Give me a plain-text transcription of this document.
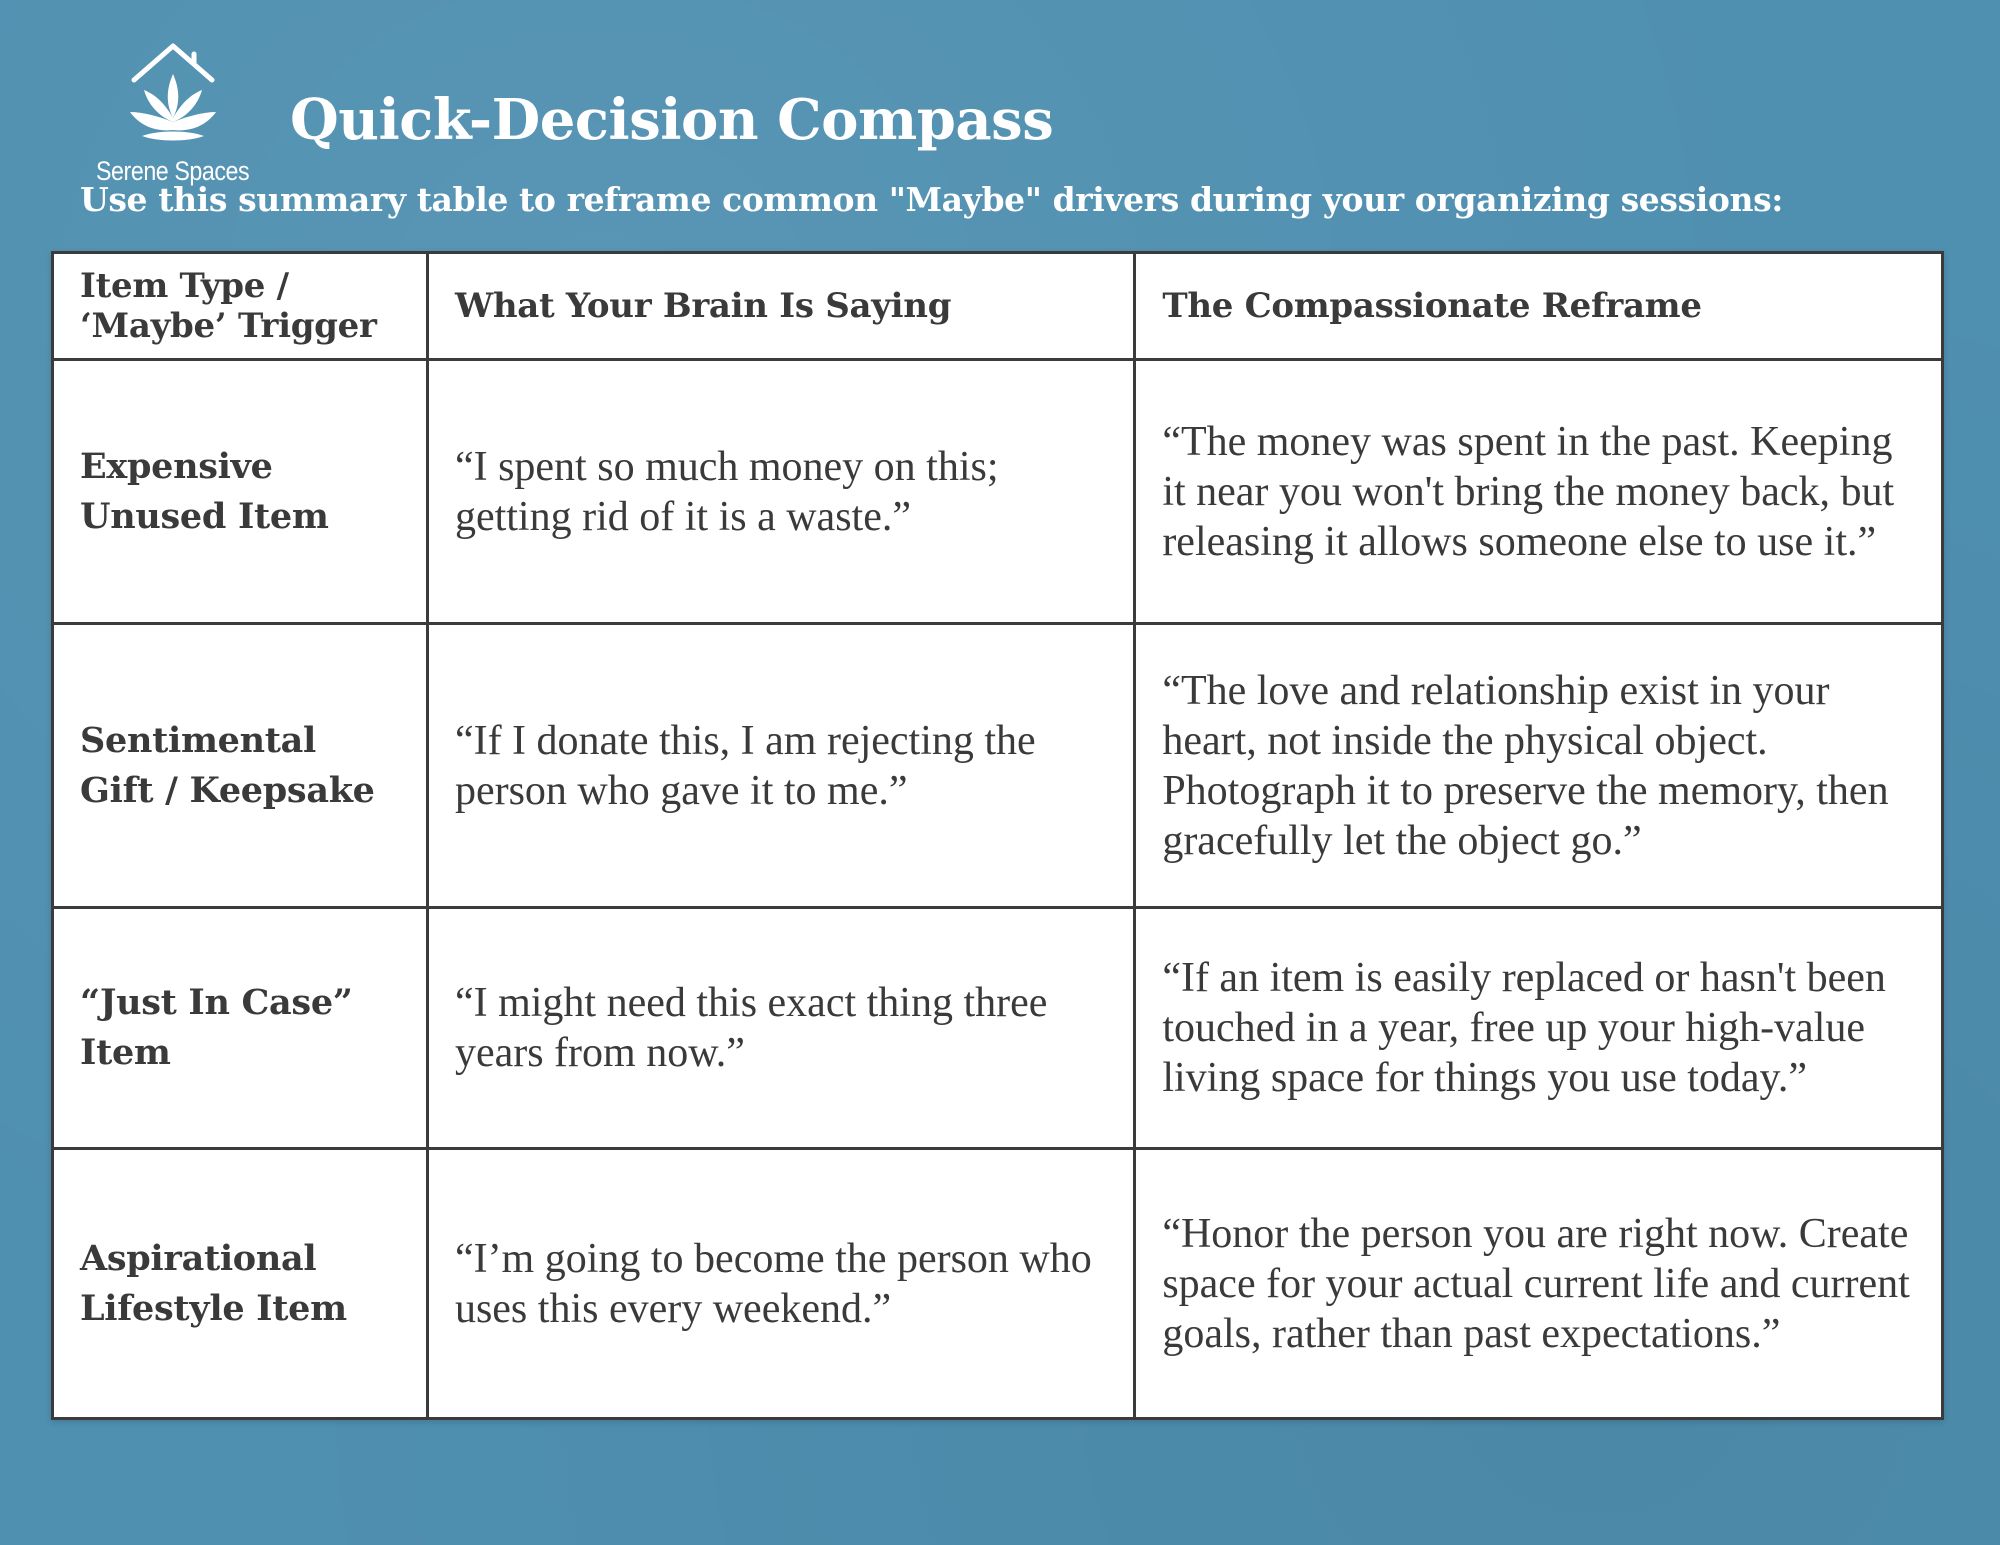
Serene Spaces
Quick-Decision Compass

Use this summary table to reframe common "Maybe" drivers during your organizing sessions:

Item Type / ‘Maybe’ Trigger	What Your Brain Is Saying	The Compassionate Reframe
Expensive Unused Item	“I spent so much money on this; getting rid of it is a waste.”	“The money was spent in the past. Keeping it near you won't bring the money back, but releasing it allows someone else to use it.”
Sentimental Gift / Keepsake	“If I donate this, I am rejecting the person who gave it to me.”	“The love and relationship exist in your heart, not inside the physical object. Photograph it to preserve the memory, then gracefully let the object go.”
“Just In Case” Item	“I might need this exact thing three years from now.”	“If an item is easily replaced or hasn't been touched in a year, free up your high-value living space for things you use today.”
Aspirational Lifestyle Item	“I’m going to become the person who uses this every weekend.”	“Honor the person you are right now. Create space for your actual current life and current goals, rather than past expectations.”
